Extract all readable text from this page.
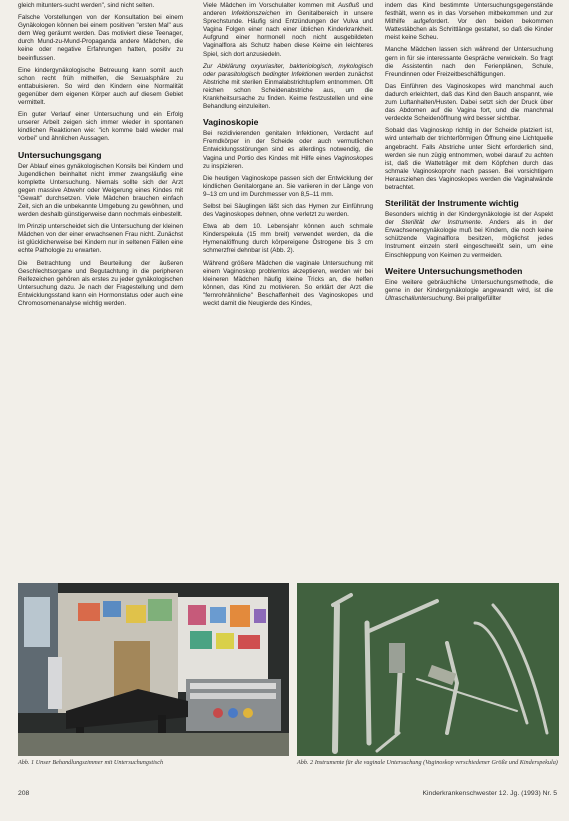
gleich mitunters-sucht werden", sind nicht selten.

Falsche Vorstellungen von der Konsultation bei einem Gynäkologen können bei einem positiven "ersten Mal" aus dem Weg geräumt werden. Das motiviert diese Teenager, durch Mund-zu-Mund-Propaganda andere Mädchen, die keine oder negative Erfahrungen hatten, positiv zu beeinflussen.

Eine kindergynäkologische Betreuung kann somit auch schon recht früh mithelfen, die Sexualsphäre zu enttabuisieren. So wird den Kindern eine Normalität gegenüber dem eigenen Körper auch auf diesem Gebiet vermittelt.

Ein guter Verlauf einer Untersuchung und ein Erfolg unserer Arbeit zeigen sich immer wieder in spontanen kindlichen Reaktionen wie: "ich komme bald wieder mal vorbei" und ähnlichen Aussagen.

Untersuchungsgang

Der Ablauf eines gynäkologischen Konsils bei Kindern und Jugendlichen beinhaltet nicht immer zwangsläufig eine komplette Untersuchung. Niemals sollte sich der Arzt gegen massive Abwehr oder Weigerung eines Kindes mit "Gewalt" durchsetzen. Viele Mädchen brauchen einfach Zeit, sich an die unbekannte Umgebung zu gewöhnen, und werden deshalb günstigerweise dann nochmals einbestellt.

Im Prinzip unterscheidet sich die Untersuchung der kleinen Mädchen von der einer erwachsenen Frau nicht. Zunächst ist glücklicherweise bei Kindern nur in seltenen Fällen eine echte Pathologie zu erwarten.

Die Betrachtung und Beurteilung der äußeren Geschlechtsorgane und Begutachtung in die peripheren Reifezeichen gehören als erstes zu jeder gynäkologischen Untersuchung dazu. Je nach der Fragestellung und dem Entwicklungsstand kann ein Hormonstatus oder auch eine Chromosomenanalyse wichtig werden.

Viele Mädchen im Vorschulalter kommen mit Ausfluß und anderen Infektionszeichen im Genitalbereich in unsere Sprechstunde. Häufig sind Entzündungen der Vulva und Vagina Folgen einer nach einer üblichen Kinderkrankheit. Aufgrund einer hormonell noch nicht ausgebildeten Vaginalflora als Schutz haben diese Keime ein leichteres Spiel, sich dort anzusiedeln.

Zur Abklärung oxyuriasiter, bakteriologisch, mykologisch oder parasitologisch bedingter Infektionen werden zunächst Abstriche mit sterilen Einmalabstrichtupfern entnommen. Oft reichen schon Scheidenabstriche aus, um die Krankheitsursache zu finden. Keime festzustellen und eine Behandlung einzuleiten.

Vaginoskopie

Bei rezidivierenden genitalen Infektionen, Verdacht auf Fremdkörper in der Scheide oder auch vermutlichen Entwicklungsstörungen sind es allerdings notwendig, die Vagina und Portio des Kindes mit Hilfe eines Vaginoskopes zu inspizieren.

Die heutigen Vaginoskope passen sich der Entwicklung der kindlichen Genitalorgane an. Sie variieren in der Länge von 9–13 cm und im Durchmesser von 8,5–11 mm.

Selbst bei Säuglingen läßt sich das Hymen zur Einführung des Vaginoskopes dehnen, ohne verletzt zu werden.

Etwa ab dem 10. Lebensjahr können auch schmale Kinderspekula (15 mm breit) verwendet werden, da die Hymenalöffnung durch körpereigene Östrogene bis 3 cm schmerzfrei dehnbar ist (Abb. 2).

Während größere Mädchen die vaginale Untersuchung mit einem Vaginoskop problemlos akzeptieren, werden wir bei kleineren Mädchen häufig kleine Tricks an, die helfen können, das Kind zu motivieren. So erklärt der Arzt die "fernrohrähnliche" Beschaffenheit des Vaginoskopes und weckt damit die Neugierde des Kindes,

indem das Kind bestimmte Untersuchungsgegenstände festhält, wenn es in das Vorsehen mitbekommen und zur Mithilfe aufgefordert. Vor den beiden bekommen Wattestäbchen als Schrittlänge gestaltet, so daß die Kinder meist keine Scheu.

Manche Mädchen lassen sich während der Untersuchung gern in für sie interessante Gespräche verwickeln. So fragt die Assistentin nach den Ferienplänen, Schule, Freundinnen oder Freizeitbeschäftigungen.

Das Einführen des Vaginoskopes wird manchmal auch dadurch erleichtert, daß das Kind den Bauch anspannt, wie zum Luftanhalten/Husten. Dabei setzt sich der Druck über das Abdomen auf die Vagina fort, und die manchmal verdeckte Scheidenöffnung wird besser sichtbar.

Sobald das Vaginoskop richtig in der Scheide platziert ist, wird unterhalb der trichterförmigen Öffnung eine Lichtquelle angebracht. Falls Abstriche unter Sicht erforderlich sind, werden sie nun zügig entnommen, wobei darauf zu achten ist, daß die Watteträger mit dem Köpfchen durch das schmale Vaginoskoprohr nach passen. Bei vorsichtigem Herausziehen des Vaginoskopes werden die Vaginalwände betrachtet.

Sterilität der Instrumente wichtig

Besonders wichtig in der Kindergynäkologie ist der Aspekt der Sterilität der Instrumente. Anders als in der Erwachsenengynäkologie muß bei Kindern, die noch keine schützende Vaginalflora besitzen, möglichst jedes Instrument einzeln steril eingeschweißt sein, um eine Einschleppung von Keimen zu vermeiden.

Weitere Untersuchungsmethoden

Eine weitere gebräuchliche Untersuchungsmethode, die gerne in der Kindergynäkologie angewandt wird, ist die Ultraschalluntersuchung. Bei prallgefüllter

Abb. 1 Unser Behandlungszimmer mit Untersuchungstisch	Abb. 2 Instrumente für die vaginale Untersuchung (Vaginoskop verschiedener Größe und Kinderspekula)
208	Kinderkrankenschwester 12. Jg. (1993) Nr. 5
